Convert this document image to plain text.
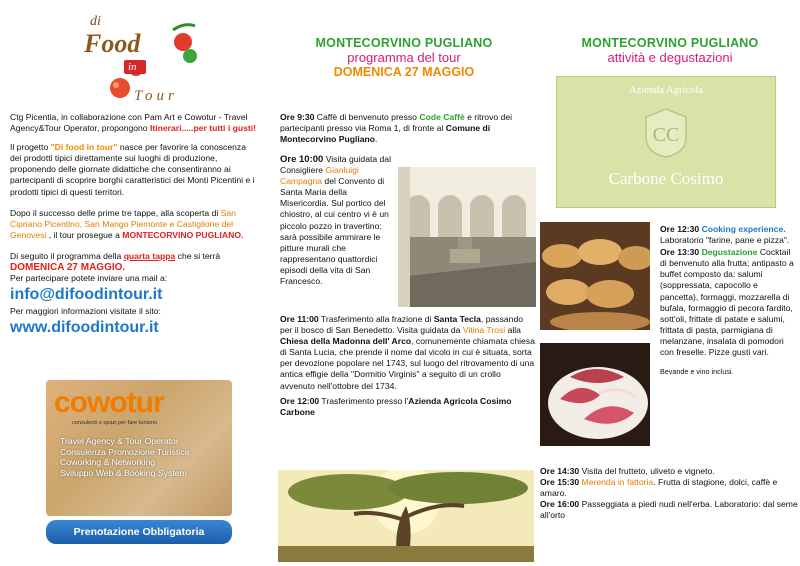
di
Food
in
Tour

Ctg Picentia, in collaborazione con Pam Art e Cowotur - Travel Agency&Tour Operator, propongono Itinerari.....per tutti i gusti!

Il progetto "Di food in tour" nasce per favorire la conoscenza dei prodotti tipici direttamente sui luoghi di produzione, proponendo delle giornate didattiche che consentiranno ai partecipanti di scoprire borghi caratteristici dei Monti Picentini e i prodotti tipici di questi territori.

Dopo il successo delle prime tre tappe, alla scoperta di San Cipriano Picentino, San Mango Piemonte e Castiglione del Genovesi , il tour prosegue a MONTECORVINO PUGLIANO.

Di seguito il programma della quarta tappa che si terrà DOMENICA 27 MAGGIO.
Per partecipare potete inviare una mail a:

info@difoodintour.it

Per maggiori informazioni visitate il sito:

www.difoodintour.it

cowotur
consulenti e spazi per fare turismo
Travel Agency & Tour Operator
Consulenza Promozione Turistica
Coworking & Networking
Sviluppo Web & Booking System
Prenotazione Obbligatoria

MONTECORVINO PUGLIANO

programma del tour

DOMENICA 27 MAGGIO

Ore 9:30 Caffè di benvenuto presso Code Caffè e ritrovo dei partecipanti presso via Roma 1, di fronte al Comune di Montecorvino Pugliano.

Ore 10:00 Visita guidata dal Consigliere Gianluigi Campagna del Convento di Santa Maria della Misericordia. Sul portico del chiostro, al cui centro vi è un piccolo pozzo in travertino: sarà possibile ammirare le pitture murali che rappresentano quattordici episodi della vita di San Francesco.

Ore 11:00 Trasferimento alla frazione di Santa Tecla, passando per il bosco di San Benedetto. Visita guidata da Vitina Trosi alla Chiesa della Madonna dell' Arco, comunemente chiamata chiesa di Santa Lucia, che prende il nome dal vicolo in cui è situata, sorta per devozione popolare nel 1743, sul luogo del ritrovamento di una antica effigie della "Dormitio Virginis" a seguito di un crollo avvenuto nell'ottobre del 1734.

Ore 12:00 Trasferimento presso l'Azienda Agricola Cosimo Carbone

MONTECORVINO PUGLIANO

attività e degustazioni

Azienda Agricola
CC
Carbone Cosimo

Ore 12:30 Cooking experience. Laboratorio "farine, pane e pizza".

Ore 13:30 Degustazione Cocktail di benvenuto alla frutta; antipasto a buffet composto da: salumi (soppressata, capocollo e pancetta), formaggi, mozzarella di bufala, formaggio di pecora fardito, sott'oli, frittate di patate e salumi, frittata di pasta, parmigiana di melanzane, insalata di pomodori con freselle. Pizze gusti vari.

Bevande e vino inclusi.

Ore 14:30 Visita del frutteto, uliveto e vigneto.

Ore 15:30 Merenda in fattoria. Frutta di stagione, dolci, caffè e amaro.

Ore 16:00 Passeggiata a piedi nudi nell'erba. Laboratorio: dal seme all'orto
